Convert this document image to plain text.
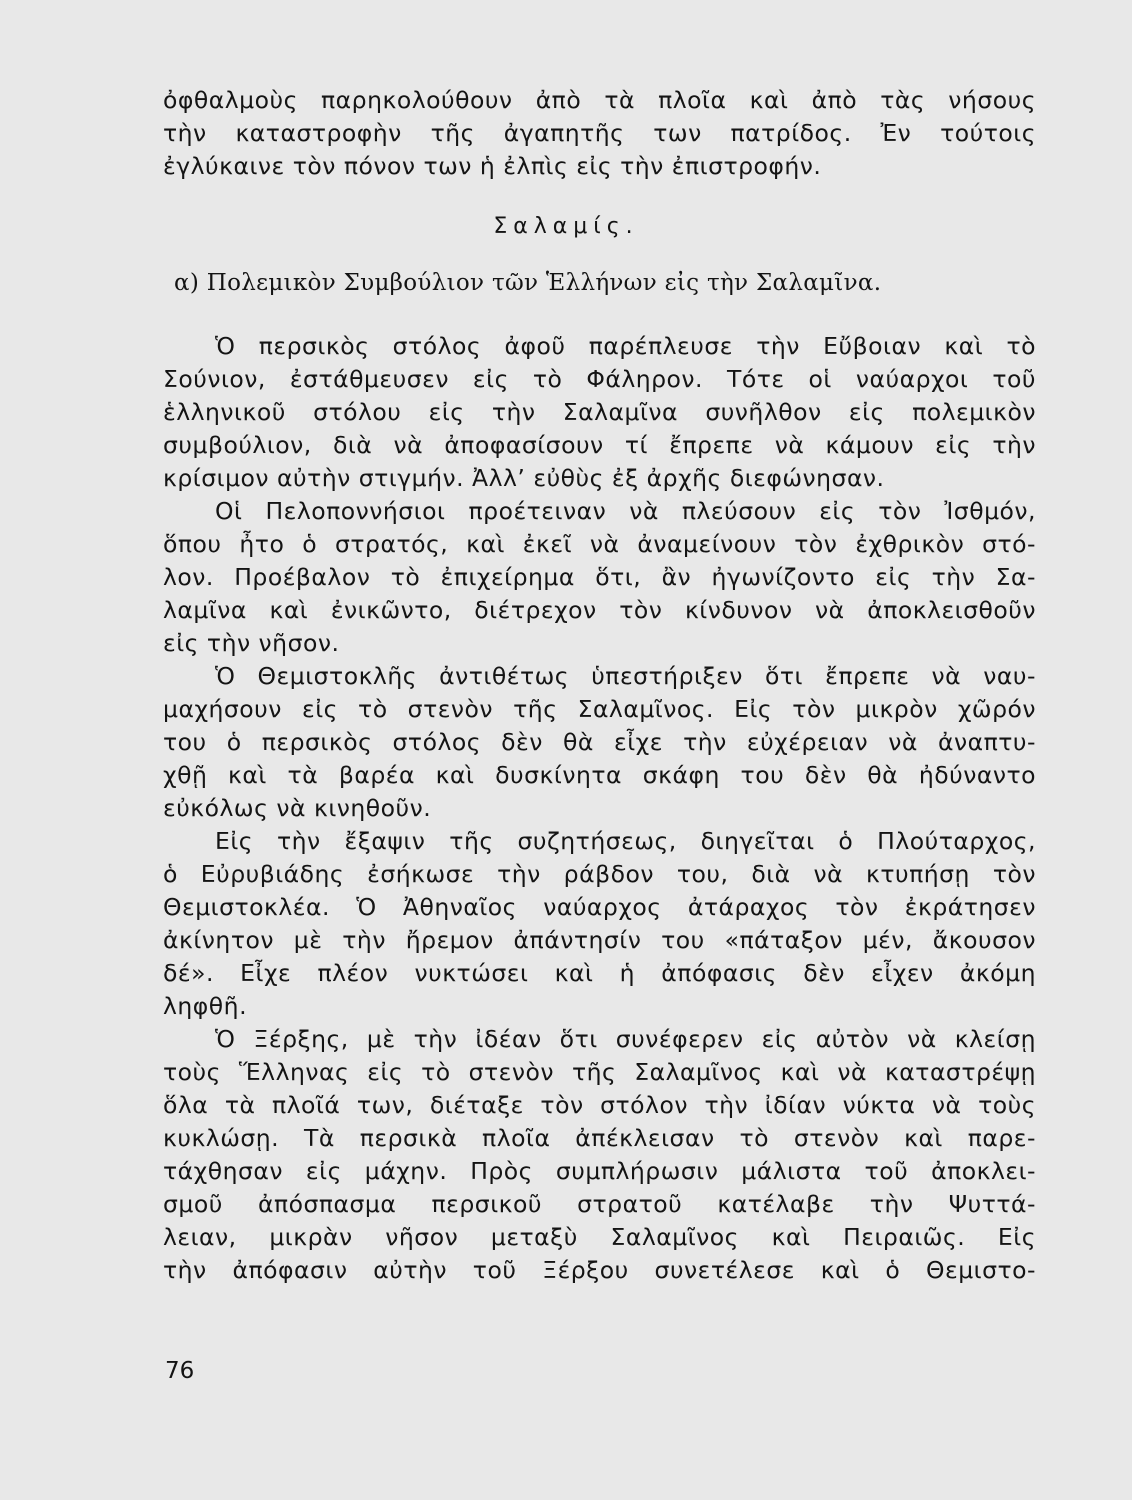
ὀφθαλμοὺς παρηκολούθουν ἀπὸ τὰ πλοῖα καὶ ἀπὸ τὰς νήσους
τὴν καταστροφὴν τῆς ἀγαπητῆς των πατρίδος. Ἐν τούτοις
ἐγλύκαινε τὸν πόνον των ἡ ἐλπὶς εἰς τὴν ἐπιστροφήν.
Σαλαμίς.
α) Πολεμικὸν Συμβούλιον τῶν Ἑλλήνων εἰς τὴν Σαλαμῖνα.
Ὁ περσικὸς στόλος ἀφοῦ παρέπλευσε τὴν Εὔβοιαν καὶ τὸ
Σούνιον, ἐστάθμευσεν εἰς τὸ Φάληρον. Τότε οἱ ναύαρχοι τοῦ
ἑλληνικοῦ στόλου εἰς τὴν Σαλαμῖνα συνῆλθον εἰς πολεμικὸν
συμβούλιον, διὰ νὰ ἀποφασίσουν τί ἔπρεπε νὰ κάμουν εἰς τὴν
κρίσιμον αὐτὴν στιγμήν. Ἀλλ’ εὐθὺς ἐξ ἀρχῆς διεφώνησαν.
Οἱ Πελοποννήσιοι προέτειναν νὰ πλεύσουν εἰς τὸν Ἰσθμόν,
ὅπου ἦτο ὁ στρατός, καὶ ἐκεῖ νὰ ἀναμείνουν τὸν ἐχθρικὸν στό-
λον. Προέβαλον τὸ ἐπιχείρημα ὅτι, ἂν ἠγωνίζοντο εἰς τὴν Σα-
λαμῖνα καὶ ἐνικῶντο, διέτρεχον τὸν κίνδυνον νὰ ἀποκλεισθοῦν
εἰς τὴν νῆσον.
Ὁ Θεμιστοκλῆς ἀντιθέτως ὑπεστήριξεν ὅτι ἔπρεπε νὰ ναυ-
μαχήσουν εἰς τὸ στενὸν τῆς Σαλαμῖνος. Εἰς τὸν μικρὸν χῶρόν
του ὁ περσικὸς στόλος δὲν θὰ εἶχε τὴν εὐχέρειαν νὰ ἀναπτυ-
χθῇ καὶ τὰ βαρέα καὶ δυσκίνητα σκάφη του δὲν θὰ ἠδύναντο
εὐκόλως νὰ κινηθοῦν.
Εἰς τὴν ἔξαψιν τῆς συζητήσεως, διηγεῖται ὁ Πλούταρχος,
ὁ Εὐρυβιάδης ἐσήκωσε τὴν ράβδον του, διὰ νὰ κτυπήσῃ τὸν
Θεμιστοκλέα. Ὁ Ἀθηναῖος ναύαρχος ἀτάραχος τὸν ἐκράτησεν
ἀκίνητον μὲ τὴν ἤρεμον ἀπάντησίν του «πάταξον μέν, ἄκουσον
δέ». Εἶχε πλέον νυκτώσει καὶ ἡ ἀπόφασις δὲν εἶχεν ἀκόμη
ληφθῆ.
Ὁ Ξέρξης, μὲ τὴν ἰδέαν ὅτι συνέφερεν εἰς αὐτὸν νὰ κλείσῃ
τοὺς Ἕλληνας εἰς τὸ στενὸν τῆς Σαλαμῖνος καὶ νὰ καταστρέψῃ
ὅλα τὰ πλοῖά των, διέταξε τὸν στόλον τὴν ἰδίαν νύκτα νὰ τοὺς
κυκλώσῃ. Τὰ περσικὰ πλοῖα ἀπέκλεισαν τὸ στενὸν καὶ παρε-
τάχθησαν εἰς μάχην. Πρὸς συμπλήρωσιν μάλιστα τοῦ ἀποκλει-
σμοῦ ἀπόσπασμα περσικοῦ στρατοῦ κατέλαβε τὴν Ψυττά-
λειαν, μικρὰν νῆσον μεταξὺ Σαλαμῖνος καὶ Πειραιῶς. Εἰς
τὴν ἀπόφασιν αὐτὴν τοῦ Ξέρξου συνετέλεσε καὶ ὁ Θεμιστο-
76
